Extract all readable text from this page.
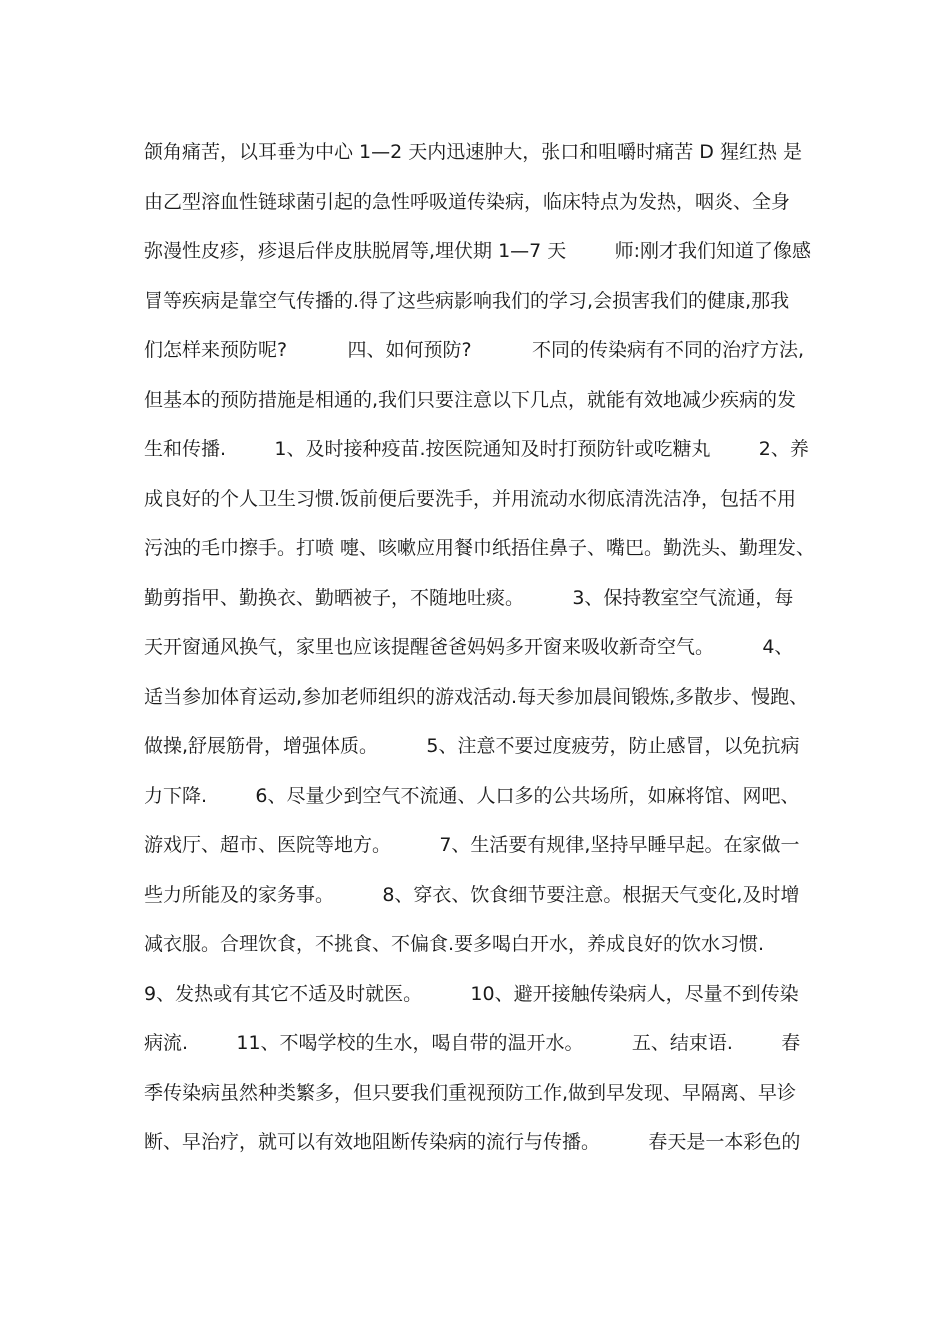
颌角痛苦，以耳垂为中心 1—2 天内迅速肿大，张口和咀嚼时痛苦 D 猩红热 是
由乙型溶血性链球菌引起的急性呼吸道传染病，临床特点为发热，咽炎、全身
弥漫性皮疹，疹退后伴皮肤脱屑等,埋伏期 1—7 天        师:刚才我们知道了像感
冒等疾病是靠空气传播的.得了这些病影响我们的学习,会损害我们的健康,那我
们怎样来预防呢?          四、如何预防?          不同的传染病有不同的治疗方法,
但基本的预防措施是相通的,我们只要注意以下几点，就能有效地减少疾病的发
生和传播.        1、及时接种疫苗.按医院通知及时打预防针或吃糖丸        2、养
成良好的个人卫生习惯.饭前便后要洗手，并用流动水彻底清洗洁净，包括不用
污浊的毛巾擦手。打喷 嚏、咳嗽应用餐巾纸捂住鼻子、嘴巴。勤洗头、勤理发、
勤剪指甲、勤换衣、勤晒被子，不随地吐痰。        3、保持教室空气流通，每
天开窗通风换气，家里也应该提醒爸爸妈妈多开窗来吸收新奇空气。        4、
适当参加体育运动,参加老师组织的游戏活动.每天参加晨间锻炼,多散步、慢跑、
做操,舒展筋骨，增强体质。        5、注意不要过度疲劳，防止感冒，以免抗病
力下降.        6、尽量少到空气不流通、人口多的公共场所，如麻将馆、网吧、
游戏厅、超市、医院等地方。        7、生活要有规律,坚持早睡早起。在家做一
些力所能及的家务事。        8、穿衣、饮食细节要注意。根据天气变化,及时增
减衣服。合理饮食，不挑食、不偏食.要多喝白开水，养成良好的饮水习惯.
9、发热或有其它不适及时就医。        10、避开接触传染病人，尽量不到传染
病流.        11、不喝学校的生水，喝自带的温开水。        五、结束语.        春
季传染病虽然种类繁多，但只要我们重视预防工作,做到早发现、早隔离、早诊
断、早治疗，就可以有效地阻断传染病的流行与传播。        春天是一本彩色的
